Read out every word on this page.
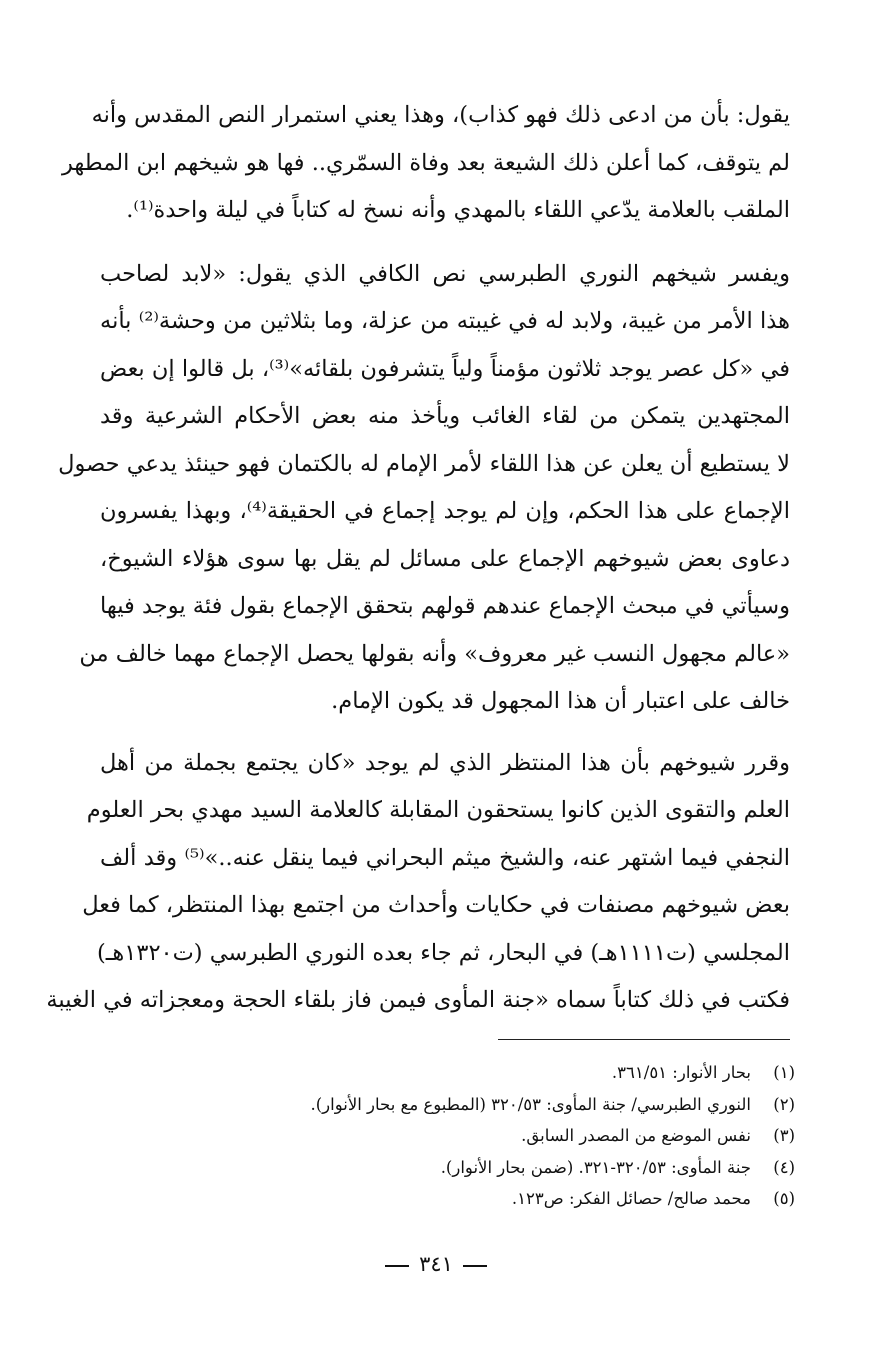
يقول: بأن من ادعى ذلك فهو كذاب)، وهذا يعني استمرار النص المقدس وأنه
لم يتوقف، كما أعلن ذلك الشيعة بعد وفاة السمّري.. فها هو شيخهم ابن المطهر
الملقب بالعلامة يدّعي اللقاء بالمهدي وأنه نسخ له كتاباً في ليلة واحدة⁽¹⁾.

ويفسر شيخهم النوري الطبرسي نص الكافي الذي يقول: «لابد لصاحب
هذا الأمر من غيبة، ولابد له في غيبته من عزلة، وما بثلاثين من وحشة⁽²⁾ بأنه
في «كل عصر يوجد ثلاثون مؤمناً ولياً يتشرفون بلقائه»⁽³⁾، بل قالوا إن بعض
المجتهدين يتمكن من لقاء الغائب ويأخذ منه بعض الأحكام الشرعية وقد
لا يستطيع أن يعلن عن هذا اللقاء لأمر الإمام له بالكتمان فهو حينئذ يدعي حصول
الإجماع على هذا الحكم، وإن لم يوجد إجماع في الحقيقة⁽⁴⁾، وبهذا يفسرون
دعاوى بعض شيوخهم الإجماع على مسائل لم يقل بها سوى هؤلاء الشيوخ،
وسيأتي في مبحث الإجماع عندهم قولهم بتحقق الإجماع بقول فئة يوجد فيها
«عالم مجهول النسب غير معروف» وأنه بقولها يحصل الإجماع مهما خالف من
خالف على اعتبار أن هذا المجهول قد يكون الإمام.

وقرر شيوخهم بأن هذا المنتظر الذي لم يوجد «كان يجتمع بجملة من أهل
العلم والتقوى الذين كانوا يستحقون المقابلة كالعلامة السيد مهدي بحر العلوم
النجفي فيما اشتهر عنه، والشيخ ميثم البحراني فيما ينقل عنه..»⁽⁵⁾ وقد ألف
بعض شيوخهم مصنفات في حكايات وأحداث من اجتمع بهذا المنتظر، كما فعل
المجلسي (ت١١١١هـ) في البحار، ثم جاء بعده النوري الطبرسي (ت١٣٢٠هـ)
فكتب في ذلك كتاباً سماه «جنة المأوى فيمن فاز بلقاء الحجة ومعجزاته في الغيبة

(١)بحار الأنوار: ٣٦١/٥١.
(٢)النوري الطبرسي/ جنة المأوى: ٣٢٠/٥٣ (المطبوع مع بحار الأنوار).
(٣)نفس الموضع من المصدر السابق.
(٤)جنة المأوى: ٣٢٠/٥٣-٣٢١. (ضمن بحار الأنوار).
(٥)محمد صالح/ حصائل الفكر: ص١٢٣.
٣٤١
